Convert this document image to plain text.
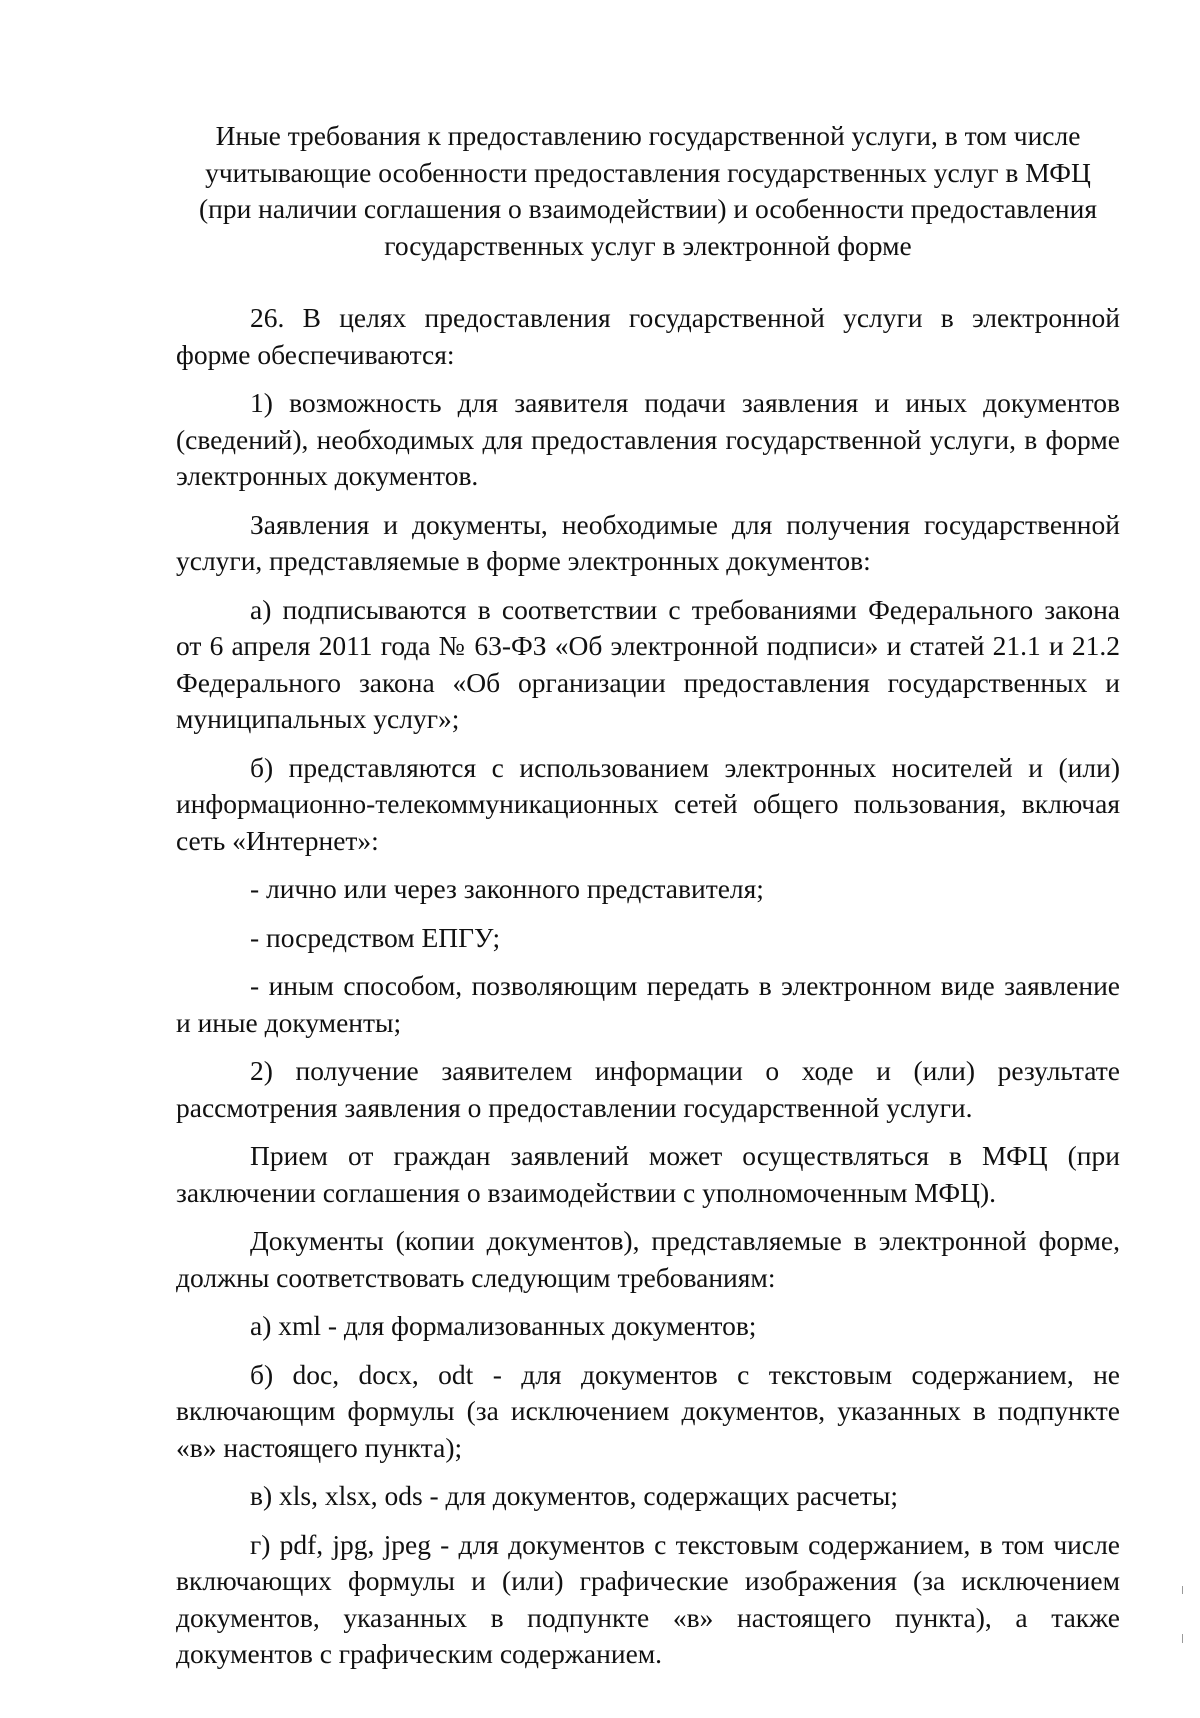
Иные требования к предоставлению государственной услуги, в том числе
учитывающие особенности предоставления государственных услуг в МФЦ
(при наличии соглашения о взаимодействии) и особенности предоставления
государственных услуг в электронной форме

26. В целях предоставления государственной услуги в электронной форме обеспечиваются:

1) возможность для заявителя подачи заявления и иных документов (сведений), необходимых для предоставления государственной услуги, в форме электронных документов.

Заявления и документы, необходимые для получения государственной услуги, представляемые в форме электронных документов:

а) подписываются в соответствии с требованиями Федерального закона от 6 апреля 2011 года № 63-ФЗ «Об электронной подписи» и статей 21.1 и 21.2 Федерального закона «Об организации предоставления государственных и муниципальных услуг»;

б) представляются с использованием электронных носителей и (или) информационно-телекоммуникационных сетей общего пользования, включая сеть «Интернет»:

- лично или через законного представителя;

- посредством ЕПГУ;

- иным способом, позволяющим передать в электронном виде заявление и иные документы;

2) получение заявителем информации о ходе и (или) результате рассмотрения заявления о предоставлении государственной услуги.

Прием от граждан заявлений может осуществляться в МФЦ (при заключении соглашения о взаимодействии с уполномоченным МФЦ).

Документы (копии документов), представляемые в электронной форме, должны соответствовать следующим требованиям:

а) xml - для формализованных документов;

б) doc, docx, odt - для документов с текстовым содержанием, не включающим формулы (за исключением документов, указанных в подпункте «в» настоящего пункта);

в) xls, xlsx, ods - для документов, содержащих расчеты;

г) pdf, jpg, jpeg - для документов с текстовым содержанием, в том числе включающих формулы и (или) графические изображения (за исключением документов, указанных в подпункте «в» настоящего пункта), а также документов с графическим содержанием.
